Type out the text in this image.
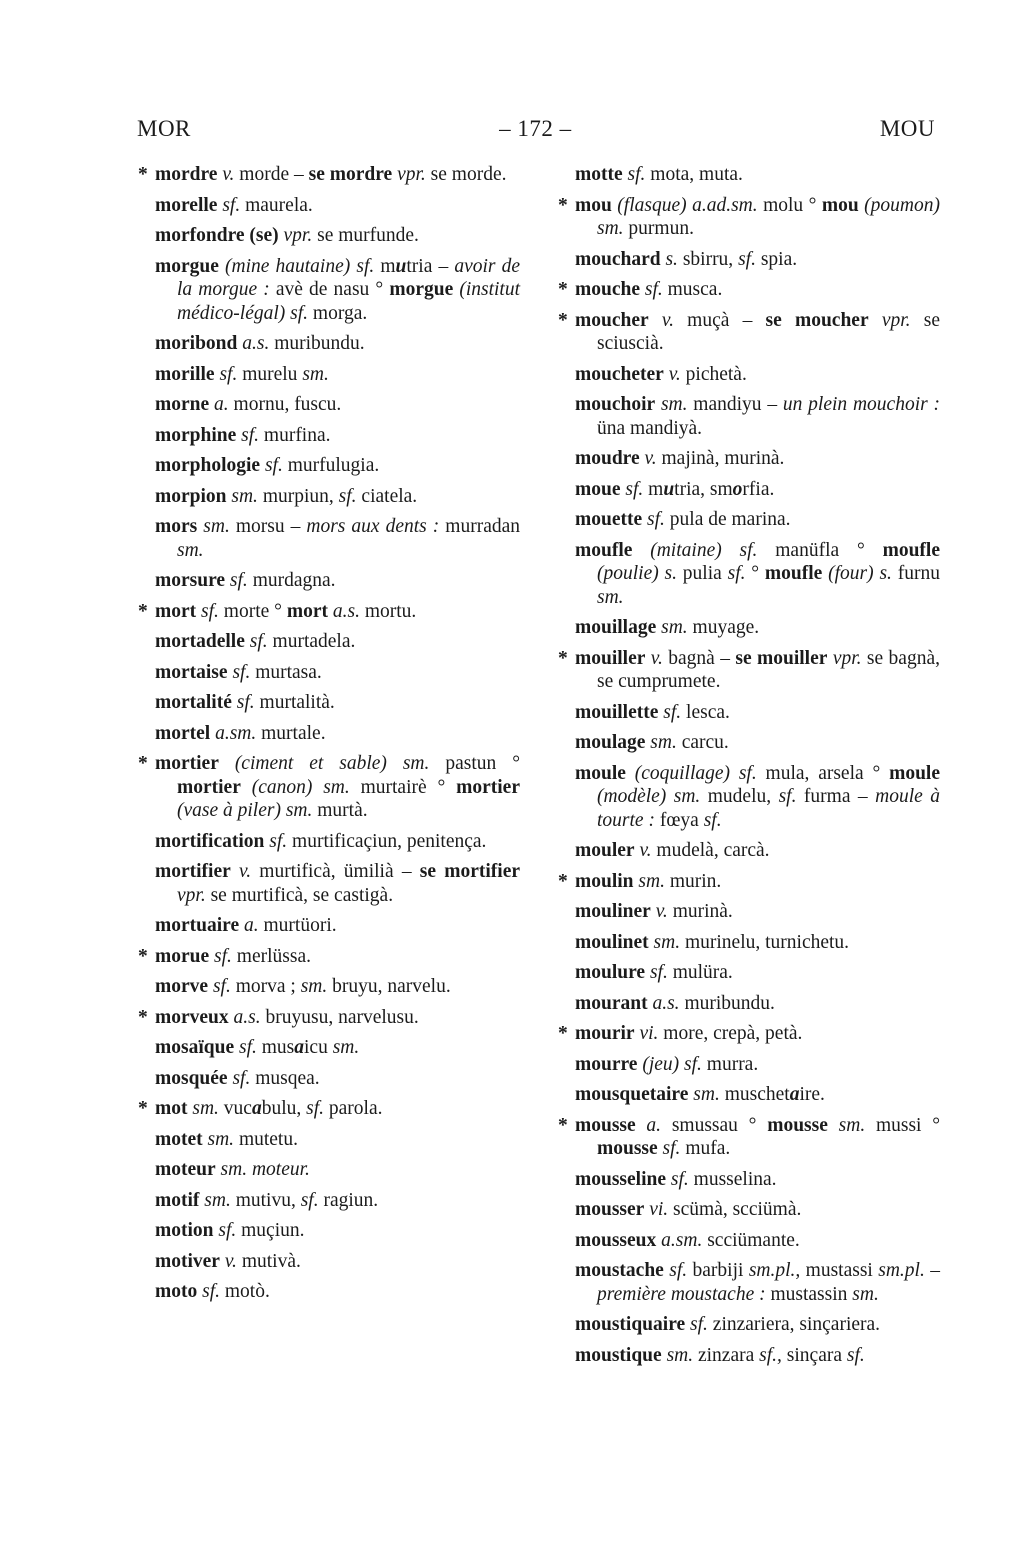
MOR	– 172 –	MOU
* mordre v. morde – se mordre vpr. se morde.
morelle sf. maurela.
morfondre (se) vpr. se murfunde.
morgue (mine hautaine) sf. mutria – avoir de la morgue : avè de nasu ° morgue (institut médico-légal) sf. morga.
moribond a.s. muribundu.
morille sf. murelu sm.
morne a. mornu, fuscu.
morphine sf. murfina.
morphologie sf. murfulugia.
morpion sm. murpiun, sf. ciatela.
mors sm. morsu – mors aux dents : murradan sm.
morsure sf. murdagna.
* mort sf. morte ° mort a.s. mortu.
mortadelle sf. murtadela.
mortaise sf. murtasa.
mortalité sf. murtalità.
mortel a.sm. murtale.
* mortier (ciment et sable) sm. pastun ° mortier (canon) sm. murtairè ° mortier (vase à piler) sm. murtà.
mortification sf. murtificaçiun, penitença.
mortifier v. murtificà, ümilià – se mortifier vpr. se murtificà, se castigà.
mortuaire a. murtüori.
* morue sf. merlüssa.
morve sf. morva ; sm. bruyu, narvelu.
* morveux a.s. bruyusu, narvelusu.
mosaïque sf. musaicu sm.
mosquée sf. musqea.
* mot sm. vucabulu, sf. parola.
motet sm. mutetu.
moteur sm. moteur.
motif sm. mutivu, sf. ragiun.
motion sf. muçiun.
motiver v. mutivà.
moto sf. motò.
motte sf. mota, muta.
* mou (flasque) a.ad.sm. molu ° mou (poumon) sm. purmun.
mouchard s. sbirru, sf. spia.
* mouche sf. musca.
* moucher v. muçà – se moucher vpr. se sciuscià.
moucheter v. pichetà.
mouchoir sm. mandiyu – un plein mouchoir : üna mandiyà.
moudre v. majinà, murinà.
moue sf. mutria, smorfia.
mouette sf. pula de marina.
moufle (mitaine) sf. manüfla ° moufle (poulie) s. pulia sf. ° moufle (four) s. furnu sm.
mouillage sm. muyage.
* mouiller v. bagnà – se mouiller vpr. se bagnà, se cumprumete.
mouillette sf. lesca.
moulage sm. carcu.
moule (coquillage) sf. mula, arsela ° moule (modèle) sm. mudelu, sf. furma – moule à tourte : fœya sf.
mouler v. mudelà, carcà.
* moulin sm. murin.
mouliner v. murinà.
moulinet sm. murinelu, turnichetu.
moulure sf. mulüra.
mourant a.s. muribundu.
* mourir vi. more, crepà, petà.
mourre (jeu) sf. murra.
mousquetaire sm. muschetaire.
* mousse a. smussau ° mousse sm. mussi ° mousse sf. mufa.
mousseline sf. musselina.
mousser vi. scümà, scciümà.
mousseux a.sm. scciümante.
moustache sf. barbiji sm.pl., mustassi sm.pl. – première moustache : mustassin sm.
moustiquaire sf. zinzariera, sinçariera.
moustique sm. zinzara sf., sinçara sf.
